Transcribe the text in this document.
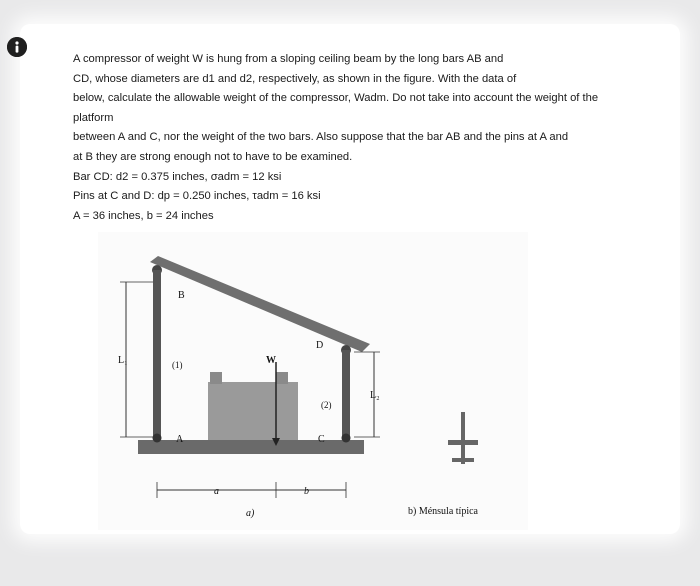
A compressor of weight W is hung from a sloping ceiling beam by the long bars AB and

CD, whose diameters are d1 and d2, respectively, as shown in the figure. With the data of

below, calculate the allowable weight of the compressor, Wadm. Do not take into account the weight of the

platform

between A and C, nor the weight of the two bars. Also suppose that the bar AB and the pins at A and

at B they are strong enough not to have to be examined.

Bar CD: d2 = 0.375 inches, σadm = 12 ksi

Pins at C and D: dp = 0.250 inches, τadm = 16 ksi

A = 36 inches, b = 24 inches

B
(1)
A
D
(2)
C
W
L₁
L₂
a	b
a)	b) Ménsula típica
